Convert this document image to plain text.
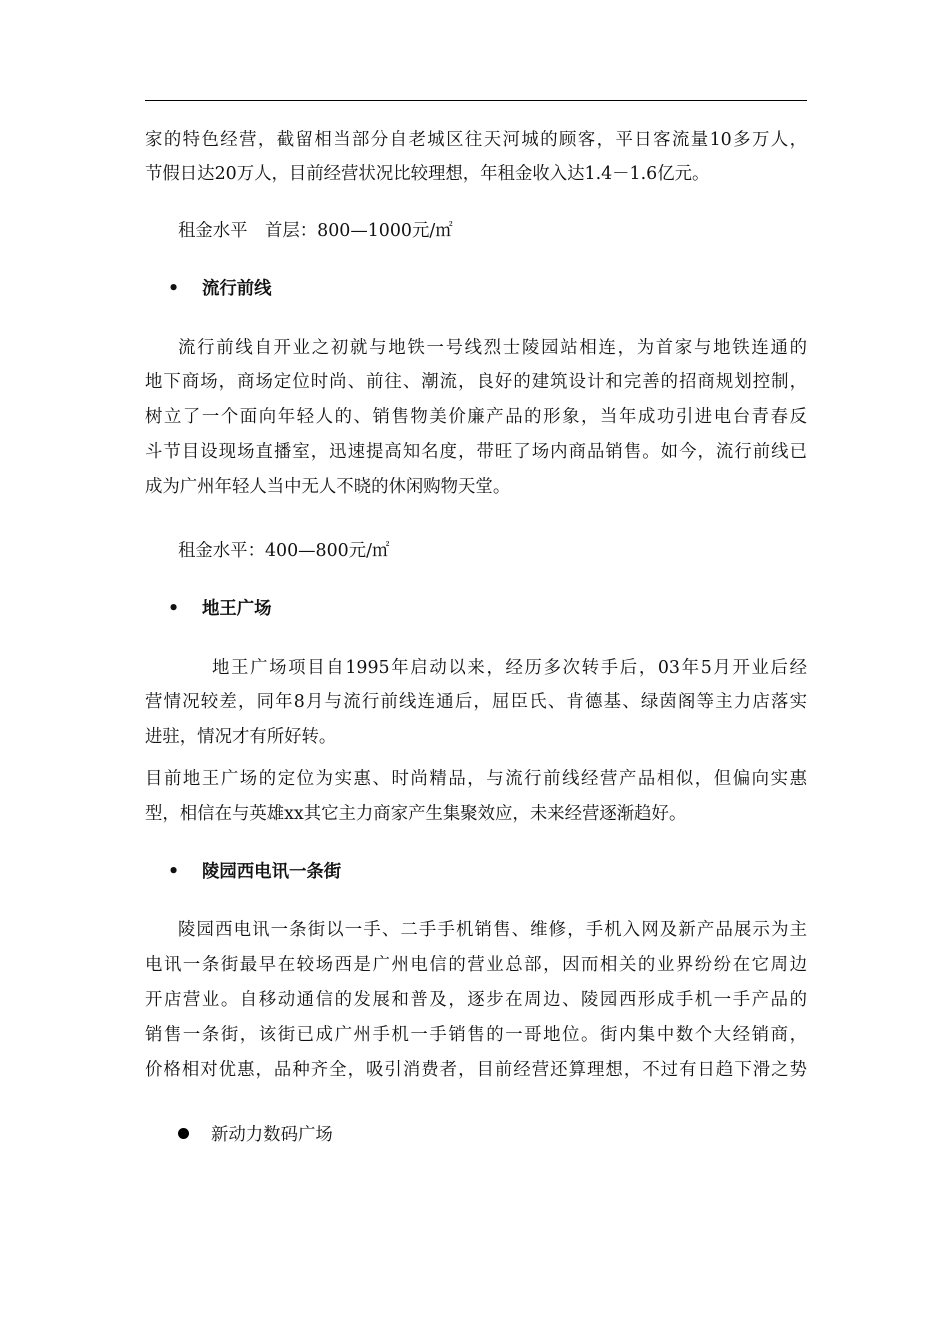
家的特色经营，截留相当部分自老城区往天河城的顾客，平日客流量10多万人，
节假日达20万人，目前经营状况比较理想，年租金收入达1.4－1.6亿元。
租金水平　首层：800—1000元/㎡
• 流行前线
流行前线自开业之初就与地铁一号线烈士陵园站相连，为首家与地铁连通的
地下商场，商场定位时尚、前往、潮流，良好的建筑设计和完善的招商规划控制，
树立了一个面向年轻人的、销售物美价廉产品的形象，当年成功引进电台青春反
斗节目设现场直播室，迅速提高知名度，带旺了场内商品销售。如今，流行前线已
成为广州年轻人当中无人不晓的休闲购物天堂。
租金水平：400—800元/㎡
• 地王广场
地王广场项目自1995年启动以来，经历多次转手后，03年5月开业后经
营情况较差，同年8月与流行前线连通后，屈臣氏、肯德基、绿茵阁等主力店落实
进驻，情况才有所好转。
目前地王广场的定位为实惠、时尚精品，与流行前线经营产品相似，但偏向实惠
型，相信在与英雄xx其它主力商家产生集聚效应，未来经营逐渐趋好。
• 陵园西电讯一条街
陵园西电讯一条街以一手、二手手机销售、维修，手机入网及新产品展示为主
电讯一条街最早在较场西是广州电信的营业总部，因而相关的业界纷纷在它周边
开店营业。自移动通信的发展和普及，逐步在周边、陵园西形成手机一手产品的
销售一条街，该街已成广州手机一手销售的一哥地位。街内集中数个大经销商，
价格相对优惠，品种齐全，吸引消费者，目前经营还算理想，不过有日趋下滑之势
新动力数码广场
